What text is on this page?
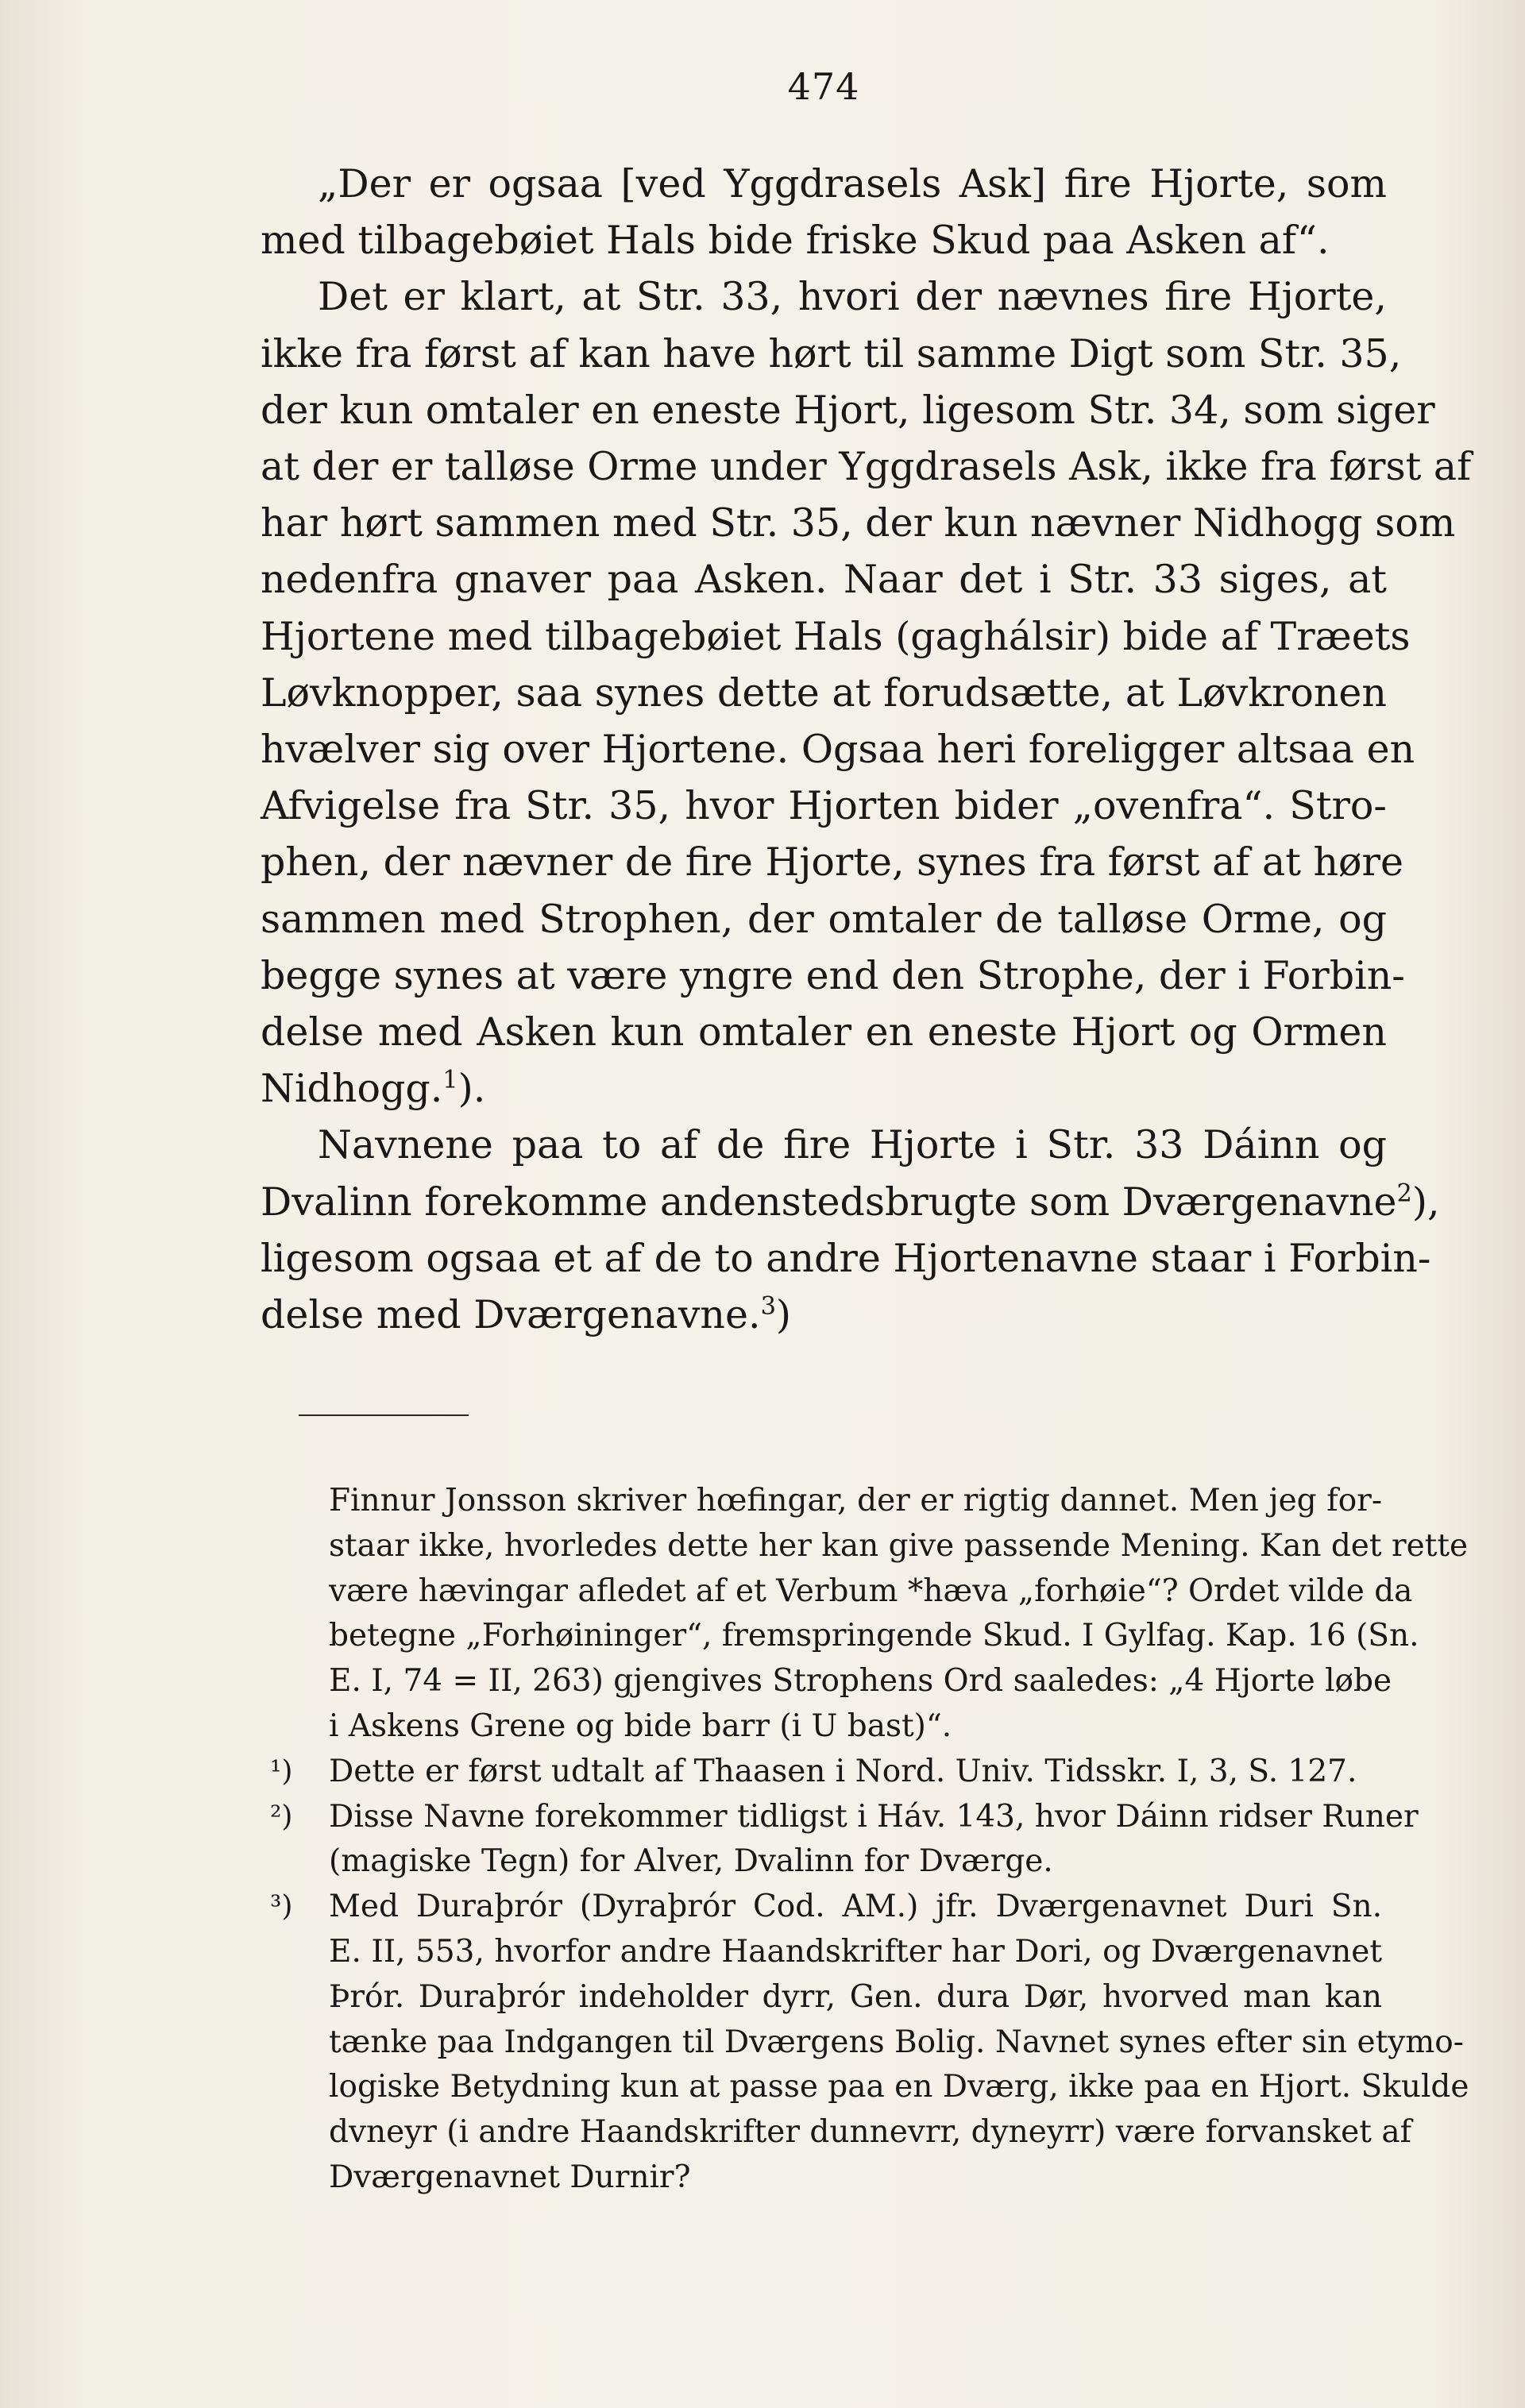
474

„Der er ogsaa [ved Yggdrasels Ask] fire Hjorte, som
med tilbagebøiet Hals bide friske Skud paa Asken af“.

Det er klart, at Str. 33, hvori der nævnes fire Hjorte,
ikke fra først af kan have hørt til samme Digt som Str. 35,
der kun omtaler en eneste Hjort, ligesom Str. 34, som siger
at der er talløse Orme under Yggdrasels Ask, ikke fra først af
har hørt sammen med Str. 35, der kun nævner Nidhogg som
nedenfra gnaver paa Asken. Naar det i Str. 33 siges, at
Hjortene med tilbagebøiet Hals (gaghálsir) bide af Træets
Løvknopper, saa synes dette at forudsætte, at Løvkronen
hvælver sig over Hjortene. Ogsaa heri foreligger altsaa en
Afvigelse fra Str. 35, hvor Hjorten bider „ovenfra“. Stro-
phen, der nævner de fire Hjorte, synes fra først af at høre
sammen med Strophen, der omtaler de talløse Orme, og
begge synes at være yngre end den Strophe, der i Forbin-
delse med Asken kun omtaler en eneste Hjort og Ormen
Nidhogg.$^1$).

Navnene paa to af de fire Hjorte i Str. 33 Dáinn og
Dvalinn forekomme andenstedsbrugte som Dværgenavne$^2$),
ligesom ogsaa et af de to andre Hjortenavne staar i Forbin-
delse med Dværgenavne.$^3$)

Finnur Jonsson skriver hœfingar, der er rigtig dannet. Men jeg for-
staar ikke, hvorledes dette her kan give passende Mening. Kan det rette
være hævingar afledet af et Verbum *hæva „forhøie“? Ordet vilde da
betegne „Forhøininger“, fremspringende Skud. I Gylfag. Kap. 16 (Sn.
E. I, 74 = II, 263) gjengives Strophens Ord saaledes: „4 Hjorte løbe
i Askens Grene og bide barr (i U bast)“.
¹) Dette er først udtalt af Thaasen i Nord. Univ. Tidsskr. I, 3, S. 127.
²) Disse Navne forekommer tidligst i Háv. 143, hvor Dáinn ridser Runer
(magiske Tegn) for Alver, Dvalinn for Dværge.
³) Med Duraþrór (Dyraþrór Cod. AM.) jfr. Dværgenavnet Duri Sn.
E. II, 553, hvorfor andre Haandskrifter har Dori, og Dværgenavnet
Þrór. Duraþrór indeholder dyrr, Gen. dura Dør, hvorved man kan
tænke paa Indgangen til Dværgens Bolig. Navnet synes efter sin etymo-
logiske Betydning kun at passe paa en Dværg, ikke paa en Hjort. Skulde
dvneyr (i andre Haandskrifter dunnevrr, dyneyrr) være forvansket af
Dværgenavnet Durnir?
